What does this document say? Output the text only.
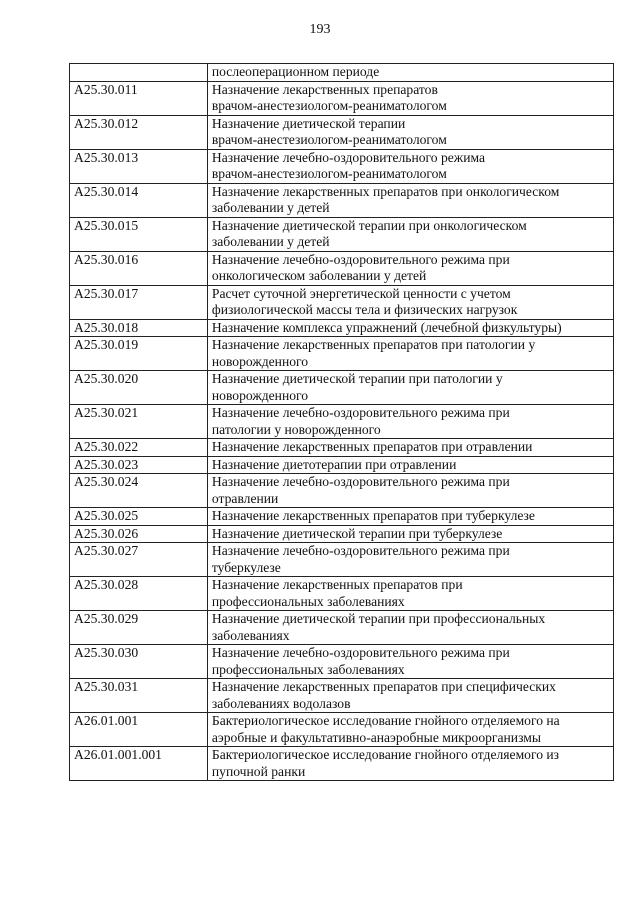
193

	послеоперационном периоде

A25.30.011	Назначение лекарственных препаратов
врачом-анестезиологом-реаниматологом

A25.30.012	Назначение диетической терапии
врачом-анестезиологом-реаниматологом

A25.30.013	Назначение лечебно-оздоровительного режима
врачом-анестезиологом-реаниматологом

A25.30.014	Назначение лекарственных препаратов при онкологическом
заболевании у детей

A25.30.015	Назначение диетической терапии при онкологическом
заболевании у детей

A25.30.016	Назначение лечебно-оздоровительного режима при
онкологическом заболевании у детей

A25.30.017	Расчет суточной энергетической ценности с учетом
физиологической массы тела и физических нагрузок

A25.30.018	Назначение комплекса упражнений (лечебной физкультуры)

A25.30.019	Назначение лекарственных препаратов при патологии у
новорожденного

A25.30.020	Назначение диетической терапии при патологии у
новорожденного

A25.30.021	Назначение лечебно-оздоровительного режима при
патологии у новорожденного

A25.30.022	Назначение лекарственных препаратов при отравлении

A25.30.023	Назначение диетотерапии при отравлении

A25.30.024	Назначение лечебно-оздоровительного режима при
отравлении

A25.30.025	Назначение лекарственных препаратов при туберкулезе

A25.30.026	Назначение диетической терапии при туберкулезе

A25.30.027	Назначение лечебно-оздоровительного режима при
туберкулезе

A25.30.028	Назначение лекарственных препаратов при
профессиональных заболеваниях

A25.30.029	Назначение диетической терапии при профессиональных
заболеваниях

A25.30.030	Назначение лечебно-оздоровительного режима при
профессиональных заболеваниях

A25.30.031	Назначение лекарственных препаратов при специфических
заболеваниях водолазов

A26.01.001	Бактериологическое исследование гнойного отделяемого на
аэробные и факультативно-анаэробные микроорганизмы

A26.01.001.001	Бактериологическое исследование гнойного отделяемого из
пупочной ранки
